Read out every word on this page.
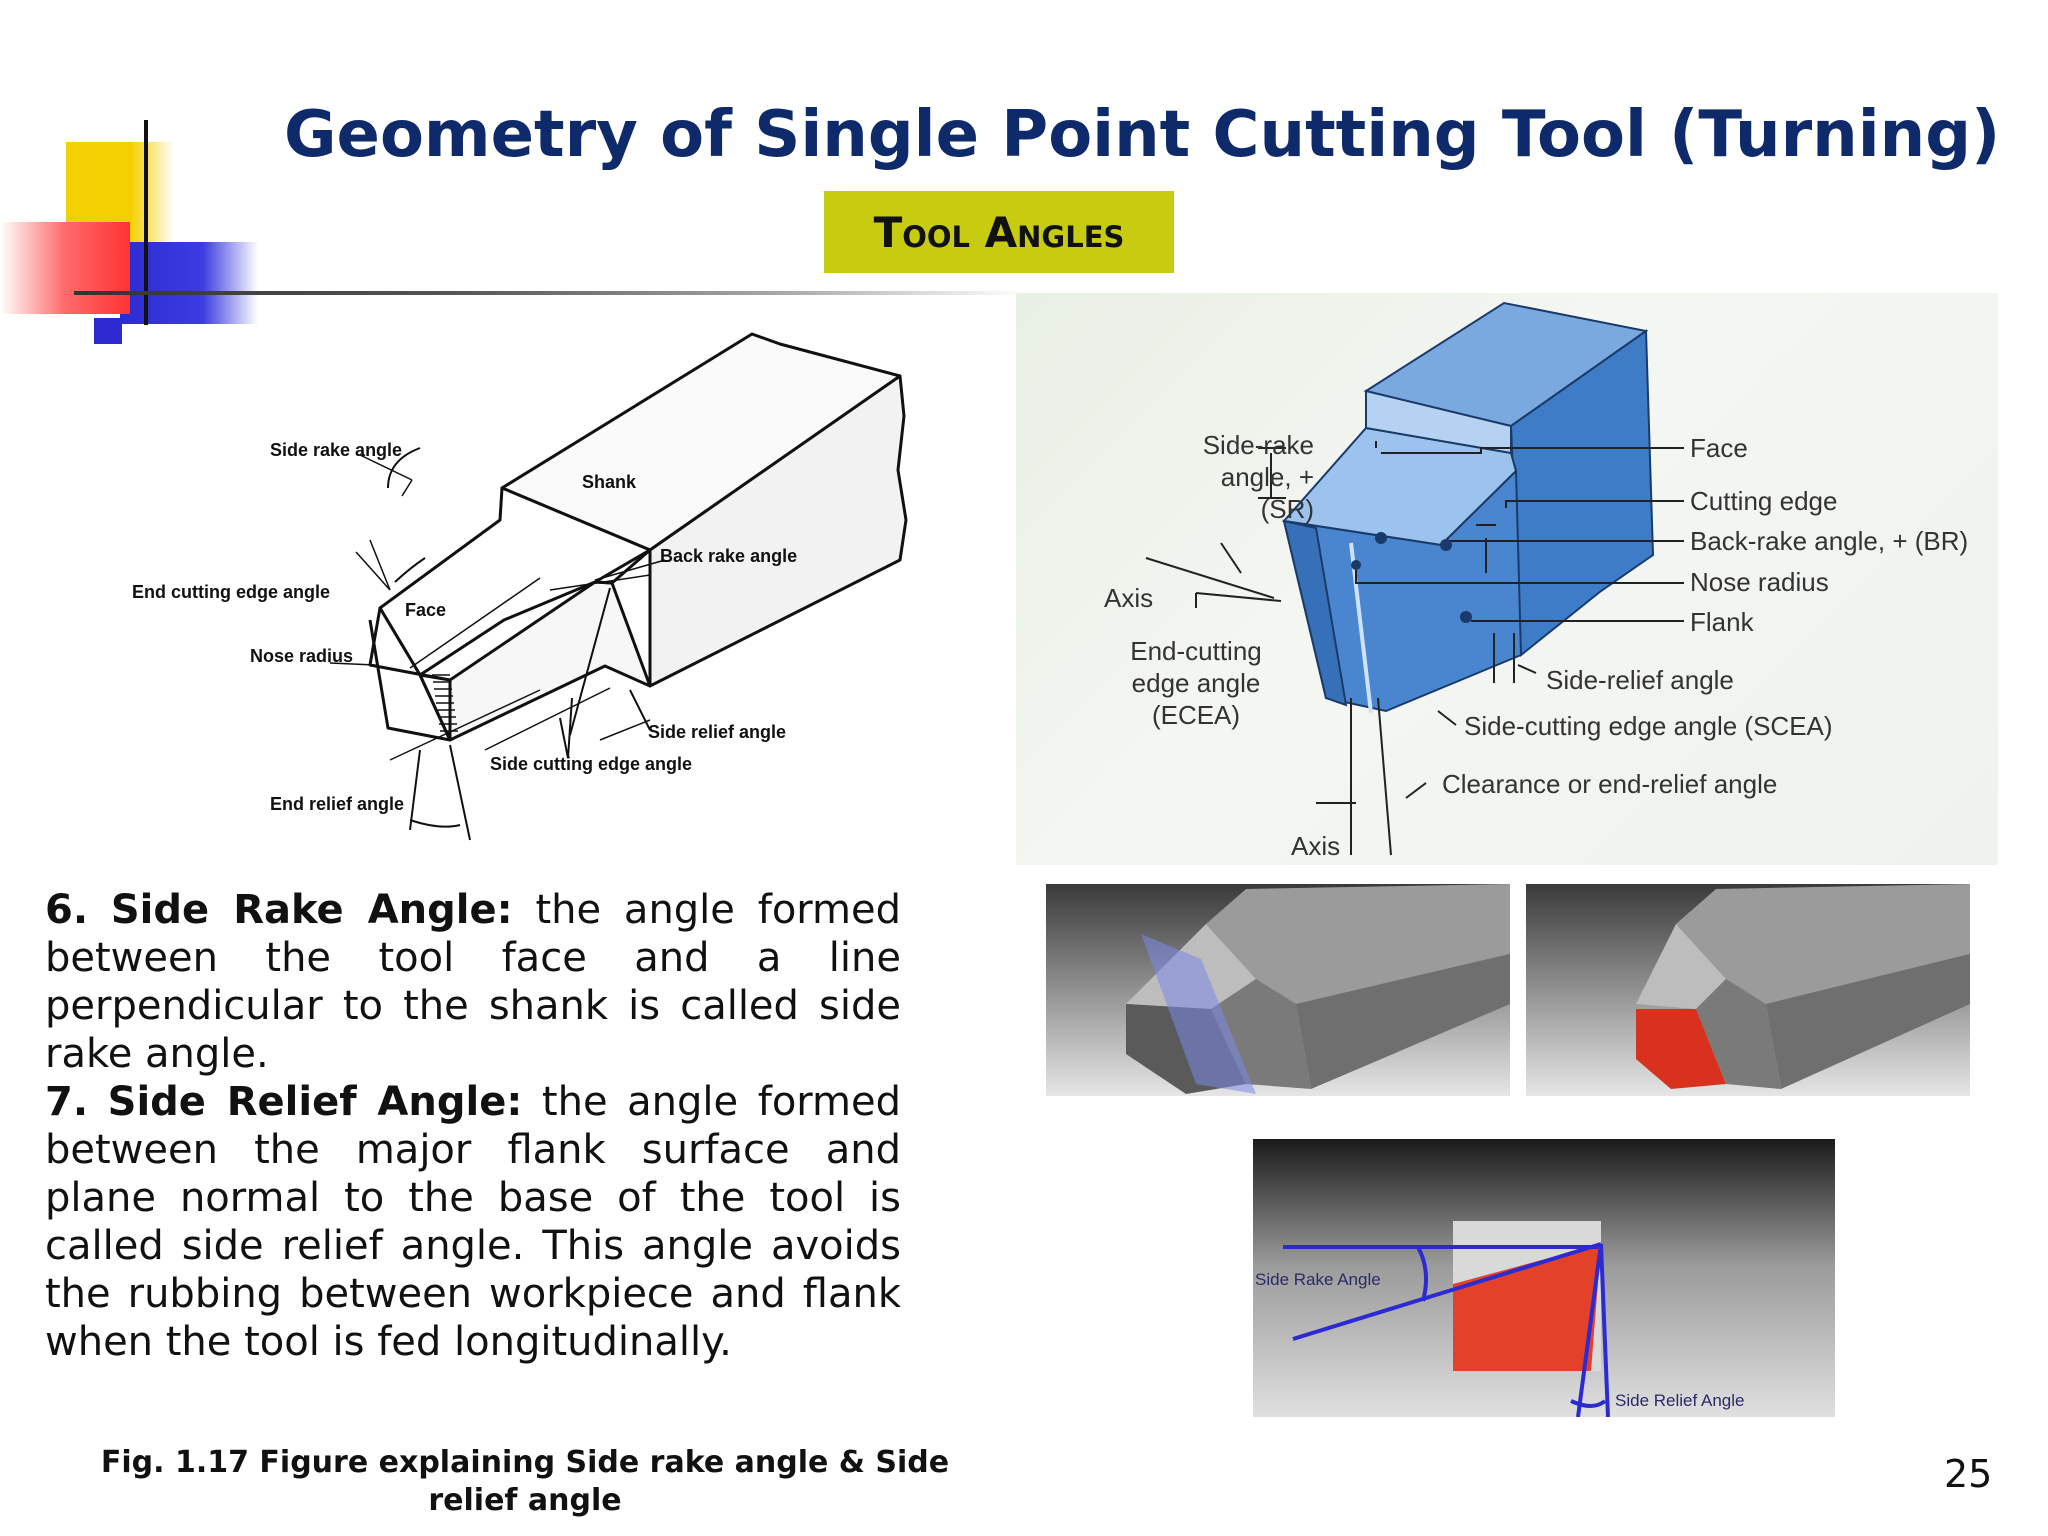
Geometry of Single Point Cutting Tool (Turning)
Tool Angles
Side rake angle
Shank
Back rake angle
End cutting edge angle
Face
Nose radius
Side relief angle
Side cutting edge angle
End relief angle
Side-rake
angle, + (SR)
Axis
End-cutting
edge angle
(ECEA)
Axis
Face
Cutting edge
Back-rake angle, + (BR)
Nose radius
Flank
Side-relief angle
Side-cutting edge angle (SCEA)
Clearance or end-relief angle
Side Rake Angle
Side Relief Angle

6. Side Rake Angle: the angle formed between the tool face and a line perpendicular to the shank is called side rake angle.

7. Side Relief Angle: the angle formed between the major flank surface and plane normal to the base of the tool is called side relief angle. This angle avoids the rubbing between workpiece and flank when the tool is fed longitudinally.

Fig. 1.17 Figure explaining Side rake angle & Side relief angle
25
